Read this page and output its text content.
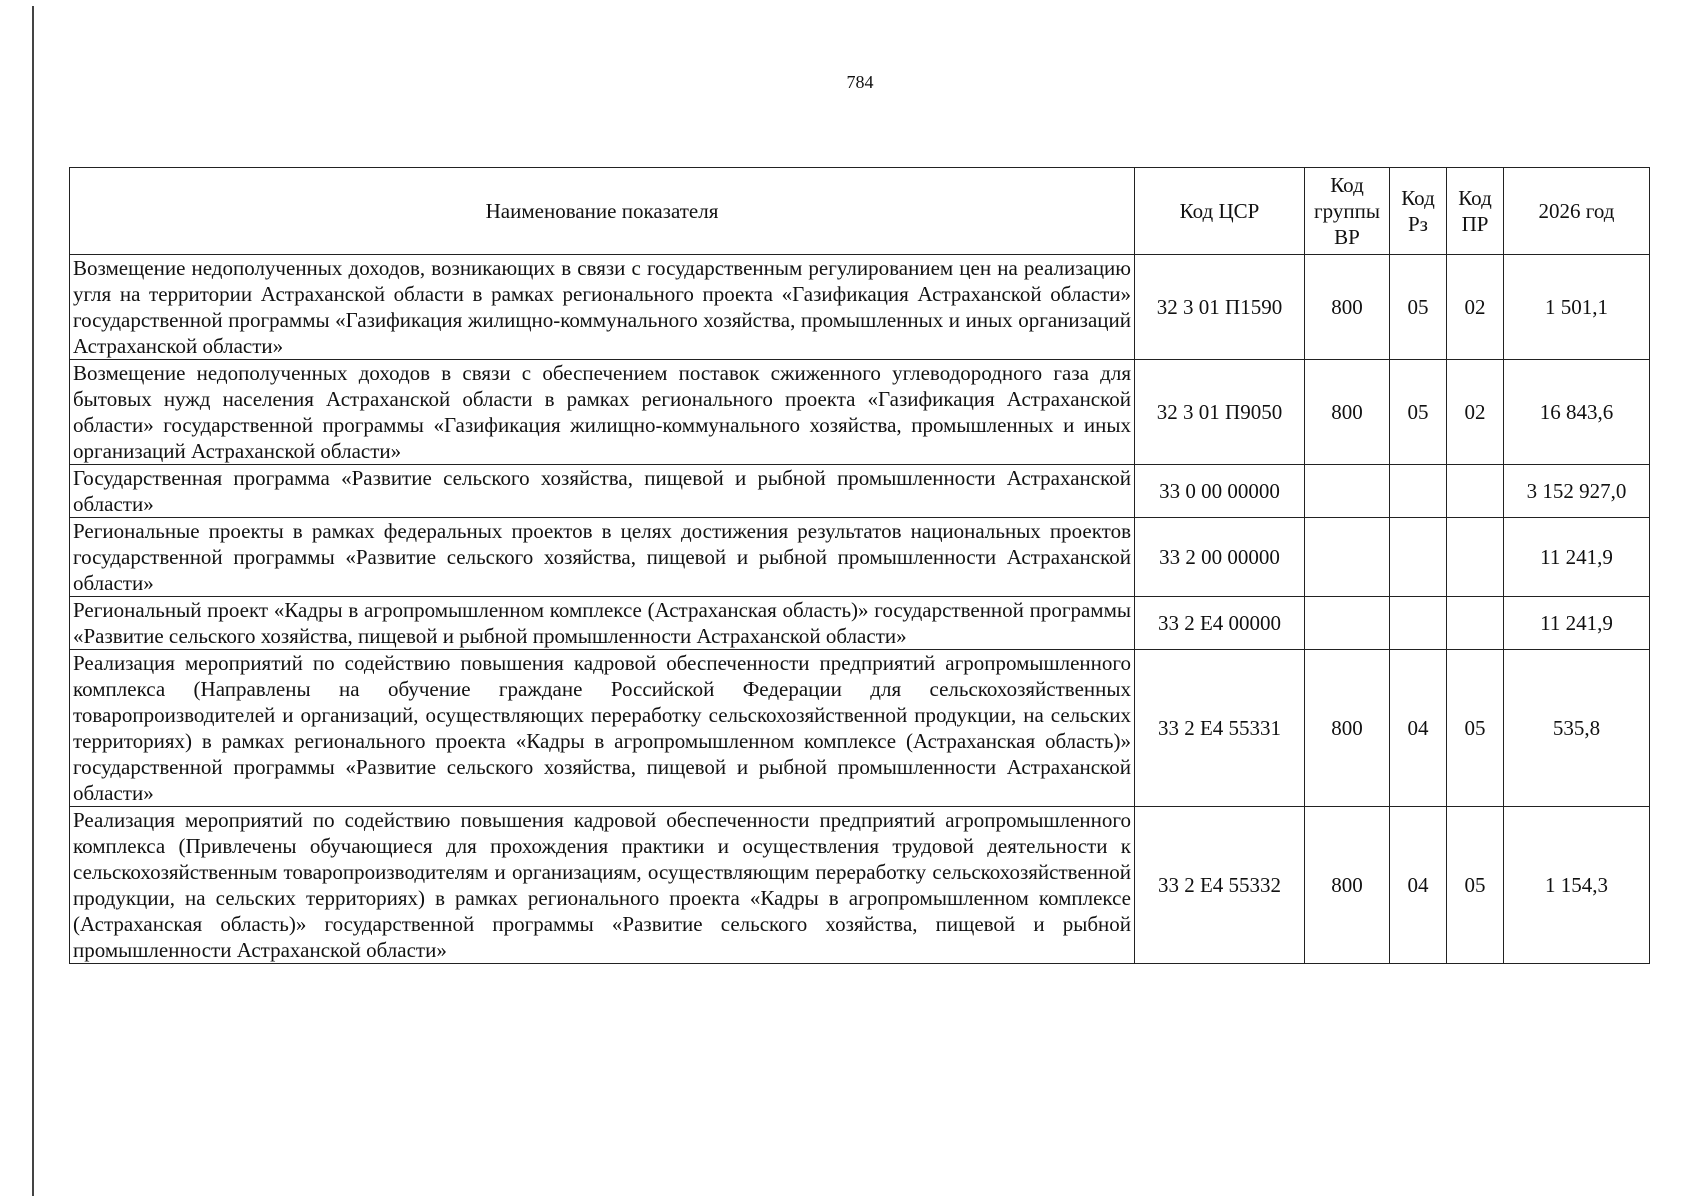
784
Наименование показателя	Код ЦСР	Код группы ВР	Код Рз	Код ПР	2026 год
Возмещение недополученных доходов, возникающих в связи с государственным регулированием цен на реализацию угля на территории Астраханской области в рамках регионального проекта «Газификация Астраханской области» государственной программы «Газификация жилищно-коммунального хозяйства, промышленных и иных организаций Астраханской области»	32 3 01 П1590	800	05	02	1 501,1
Возмещение недополученных доходов в связи с обеспечением поставок сжиженного углеводородного газа для бытовых нужд населения Астраханской области в рамках регионального проекта «Газификация Астраханской области» государственной программы «Газификация жилищно-коммунального хозяйства, промышленных и иных организаций Астраханской области»	32 3 01 П9050	800	05	02	16 843,6
Государственная программа «Развитие сельского хозяйства, пищевой и рыбной промышленности Астраханской области»	33 0 00 00000				3 152 927,0
Региональные проекты в рамках федеральных проектов в целях достижения результатов национальных проектов государственной программы «Развитие сельского хозяйства, пищевой и рыбной промышленности Астраханской области»	33 2 00 00000				11 241,9
Региональный проект «Кадры в агропромышленном комплексе (Астраханская область)» государственной программы «Развитие сельского хозяйства, пищевой и рыбной промышленности Астраханской области»	33 2 Е4 00000				11 241,9
Реализация мероприятий по содействию повышения кадровой обеспеченности предприятий агропромышленного комплекса (Направлены на обучение граждане Российской Федерации для сельскохозяйственных товаропроизводителей и организаций, осуществляющих переработку сельскохозяйственной продукции, на сельских территориях) в рамках регионального проекта «Кадры в агропромышленном комплексе (Астраханская область)» государственной программы «Развитие сельского хозяйства, пищевой и рыбной промышленности Астраханской области»	33 2 Е4 55331	800	04	05	535,8
Реализация мероприятий по содействию повышения кадровой обеспеченности предприятий агропромышленного комплекса (Привлечены обучающиеся для прохождения практики и осуществления трудовой деятельности к сельскохозяйственным товаропроизводителям и организациям, осуществляющим переработку сельскохозяйственной продукции, на сельских территориях) в рамках регионального проекта «Кадры в агропромышленном комплексе (Астраханская область)» государственной программы «Развитие сельского хозяйства, пищевой и рыбной промышленности Астраханской области»	33 2 Е4 55332	800	04	05	1 154,3
